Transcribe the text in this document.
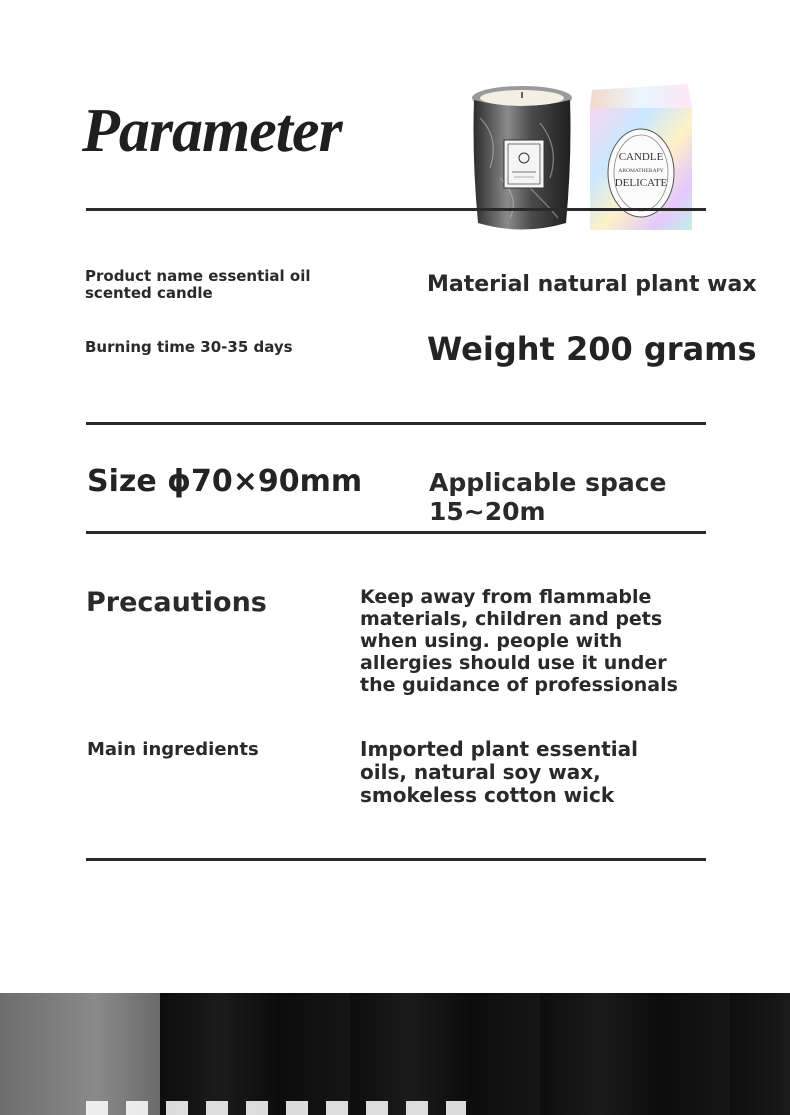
Parameter	CANDLE
AROMATHERAPY
DELICATE
Product name essential oil
scented candle	Material natural plant wax
Burning time 30-35 days	Weight 200 grams
Size ɸ70×90mm	Applicable space 15~20m
Precautions	Keep away from flammable
materials, children and pets
when using. people with
allergies should use it under
the guidance of professionals
Main ingredients	Imported plant essential
oils, natural soy wax,
smokeless cotton wick
